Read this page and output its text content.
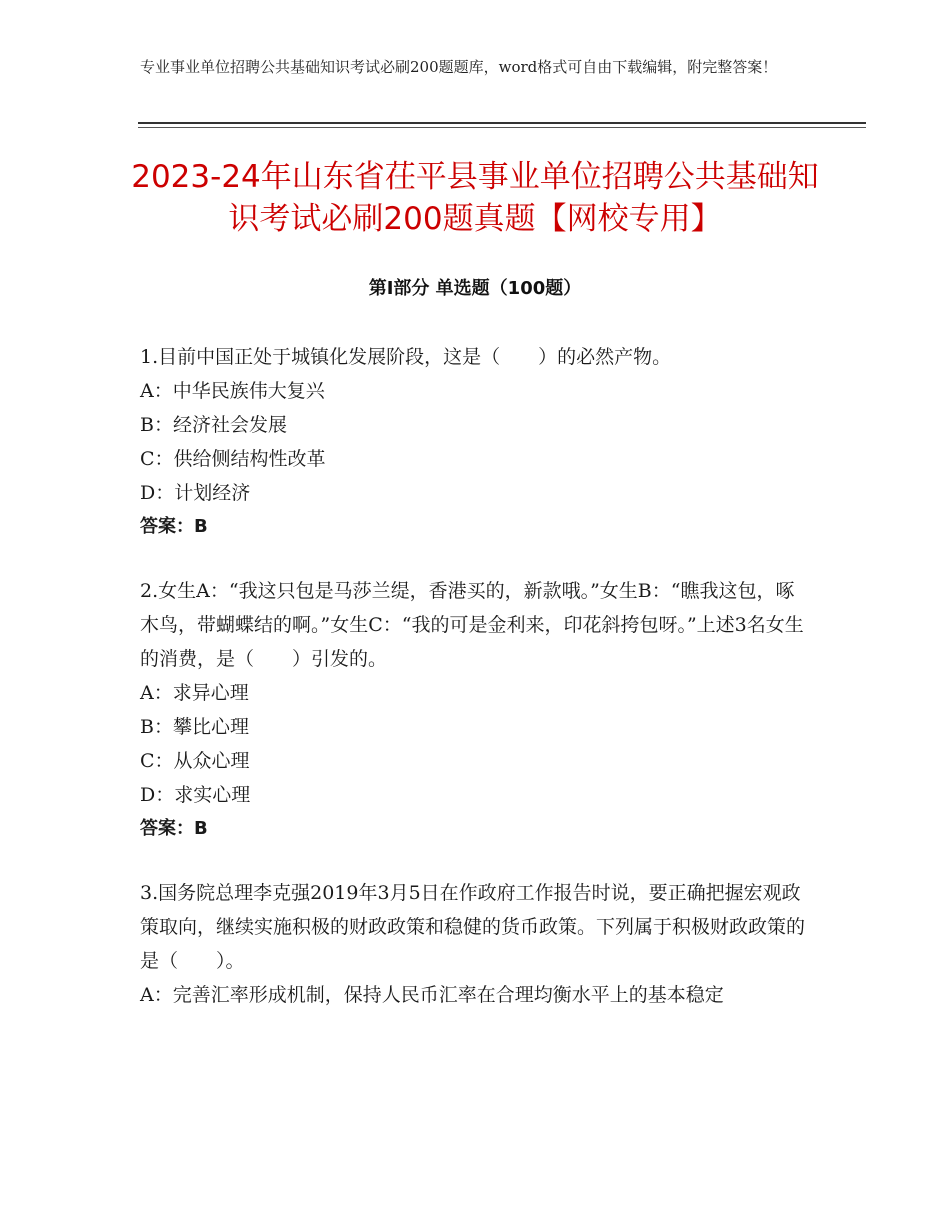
专业事业单位招聘公共基础知识考试必刷200题题库，word格式可自由下载编辑，附完整答案！
2023-24年山东省茌平县事业单位招聘公共基础知识考试必刷200题真题【网校专用】
第Ⅰ部分 单选题（100题）

1.目前中国正处于城镇化发展阶段，这是（　　）的必然产物。

A：中华民族伟大复兴

B：经济社会发展

C：供给侧结构性改革

D：计划经济

答案：B

2.女生A：“我这只包是马莎兰缇，香港买的，新款哦。”女生B：“瞧我这包，啄木鸟，带蝴蝶结的啊。”女生C：“我的可是金利来，印花斜挎包呀。”上述3名女生的消费，是（　　）引发的。

A：求异心理

B：攀比心理

C：从众心理

D：求实心理

答案：B

3.国务院总理李克强2019年3月5日在作政府工作报告时说，要正确把握宏观政策取向，继续实施积极的财政政策和稳健的货币政策。下列属于积极财政政策的是（　　）。

A：完善汇率形成机制，保持人民币汇率在合理均衡水平上的基本稳定
